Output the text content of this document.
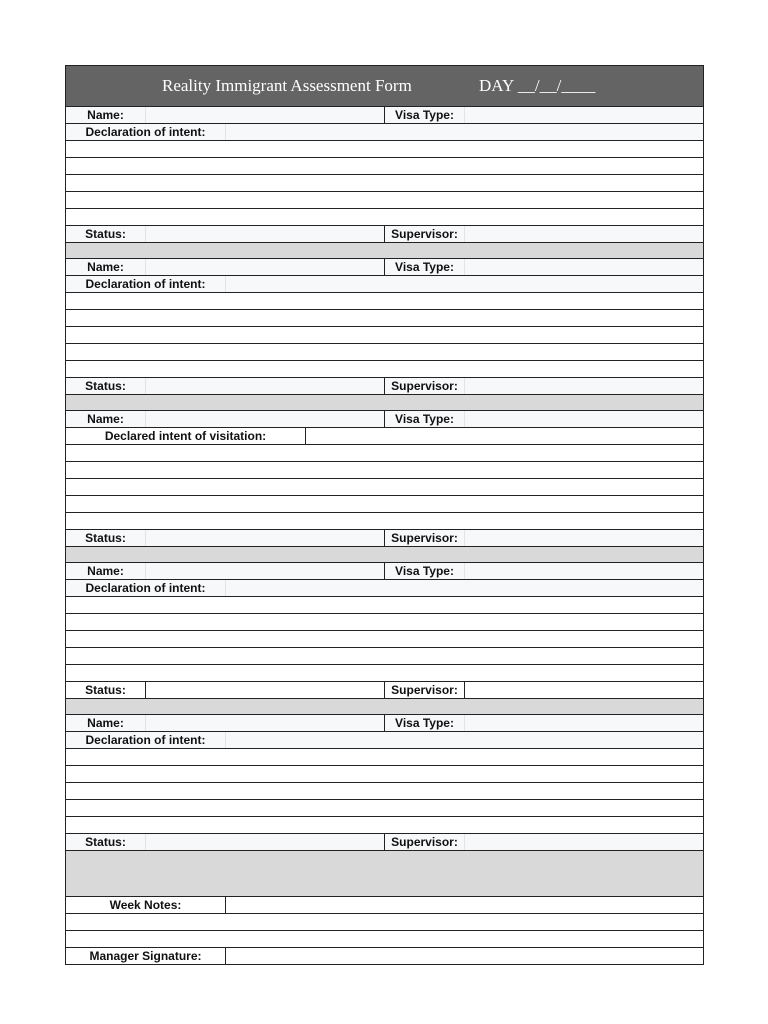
Reality Immigrant Assessment Form	DAY __/__/____
Name:	Visa Type:
Declaration of intent:
Status:	Supervisor:
Name:	Visa Type:
Declaration of intent:
Status:	Supervisor:
Name:	Visa Type:
Declared intent of visitation:
Status:	Supervisor:
Name:	Visa Type:
Declaration of intent:
Status:	Supervisor:
Name:	Visa Type:
Declaration of intent:
Status:	Supervisor:
Week Notes:
Manager Signature:
